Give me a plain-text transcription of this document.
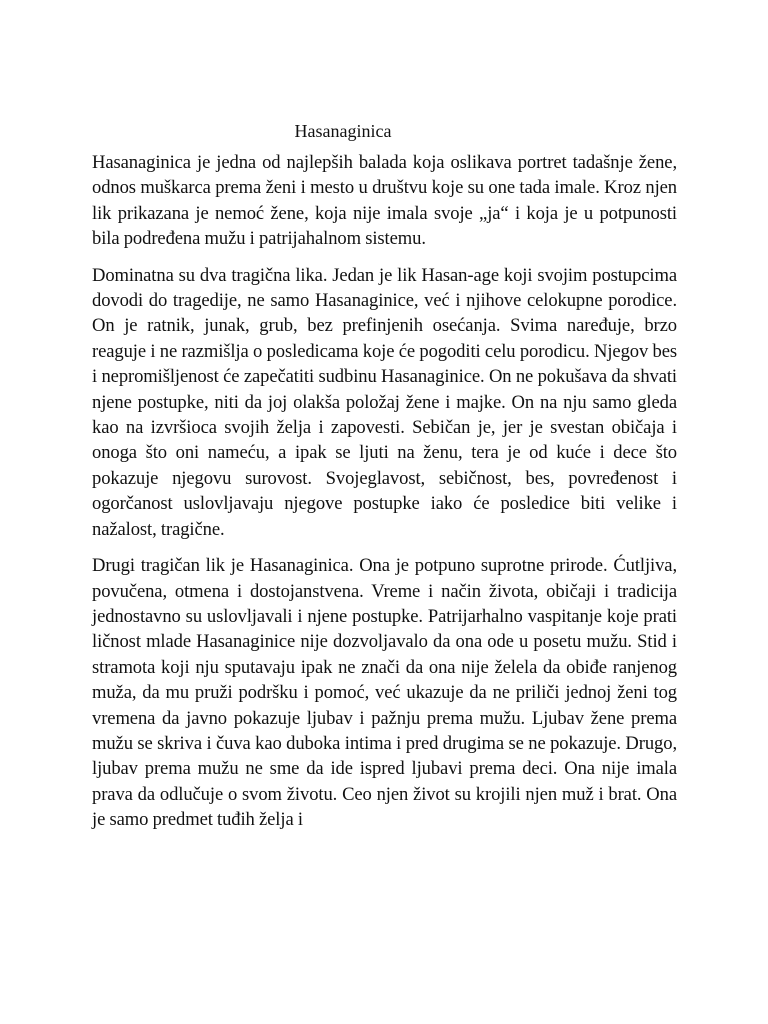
Hasanaginica

Hasanaginica je jedna od najlepših balada koja oslikava portret tadašnje žene, odnos muškarca prema ženi i mesto u društvu koje su one tada imale. Kroz njen lik prikazana je nemoć žene, koja nije imala svoje „ja“ i koja je u potpunosti bila podređena mužu i patrijahalnom sistemu.

Dominatna su dva tragična lika. Jedan je lik Hasan-age koji svojim postupcima dovodi do tragedije, ne samo Hasanaginice, već i njihove celokupne porodice. On je ratnik, junak, grub, bez prefinjenih osećanja. Svima naređuje, brzo reaguje i ne razmišlja o posledicama koje će pogoditi celu porodicu. Njegov bes i nepromišljenost će zapečatiti sudbinu Hasanaginice. On ne pokušava da shvati njene postupke, niti da joj olakša položaj žene i majke. On na nju samo gleda kao na izvršioca svojih želja i zapovesti. Sebičan je, jer je svestan običaja i onoga što oni nameću, a ipak se ljuti na ženu, tera je od kuće i dece što pokazuje njegovu surovost. Svojeglavost, sebičnost, bes, povređenost i ogorčanost uslovljavaju njegove postupke iako će posledice biti velike i nažalost, tragične.

Drugi tragičan lik je Hasanaginica. Ona je potpuno suprotne prirode. Ćutljiva, povučena, otmena i dostojanstvena. Vreme i način života, običaji i tradicija jednostavno su uslovljavali i njene postupke. Patrijarhalno vaspitanje koje prati ličnost mlade Hasanaginice nije dozvoljavalo da ona ode u posetu mužu. Stid i stramota koji nju sputavaju ipak ne znači da ona nije želela da obiđe ranjenog muža, da mu pruži podršku i pomoć, već ukazuje da ne priliči jednoj ženi tog vremena da javno pokazuje ljubav i pažnju prema mužu. Ljubav žene prema mužu se skriva i čuva kao duboka intima i pred drugima se ne pokazuje. Drugo, ljubav prema mužu ne sme da ide ispred ljubavi prema deci. Ona nije imala prava da odlučuje o svom životu. Ceo njen život su krojili njen muž i brat. Ona je samo predmet tuđih želja i
